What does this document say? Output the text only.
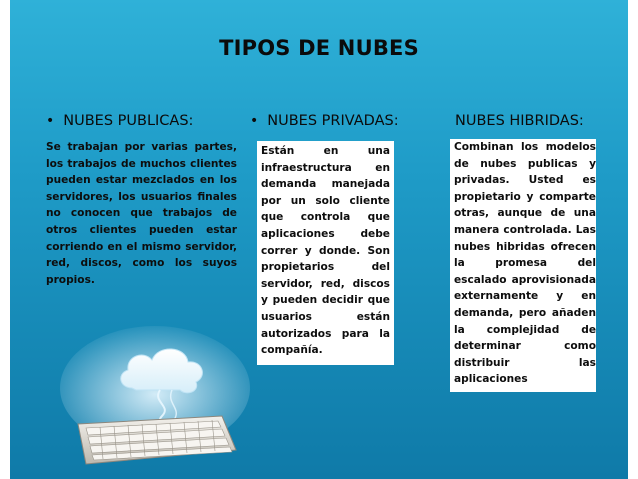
TIPOS DE NUBES
• NUBES PUBLICAS:	• NUBES PRIVADAS:	NUBES HIBRIDAS:
Se trabajan por varias partes, los trabajos de muchos clientes pueden estar mezclados en los servidores, los usuarios finales no conocen que trabajos de otros clientes pueden estar corriendo en el mismo servidor, red, discos, como los suyos propios.
Están en una infraestructura en demanda manejada por un solo cliente que controla que aplicaciones debe correr y donde. Son propietarios del servidor, red, discos y pueden decidir que usuarios están autorizados para la compañía.
Combinan los modelos de nubes publicas y privadas. Usted es propietario y comparte otras, aunque de una manera controlada. Las nubes hibridas ofrecen la promesa del escalado aprovisionada externamente y en demanda, pero añaden la complejidad de determinar como distribuir las aplicaciones
